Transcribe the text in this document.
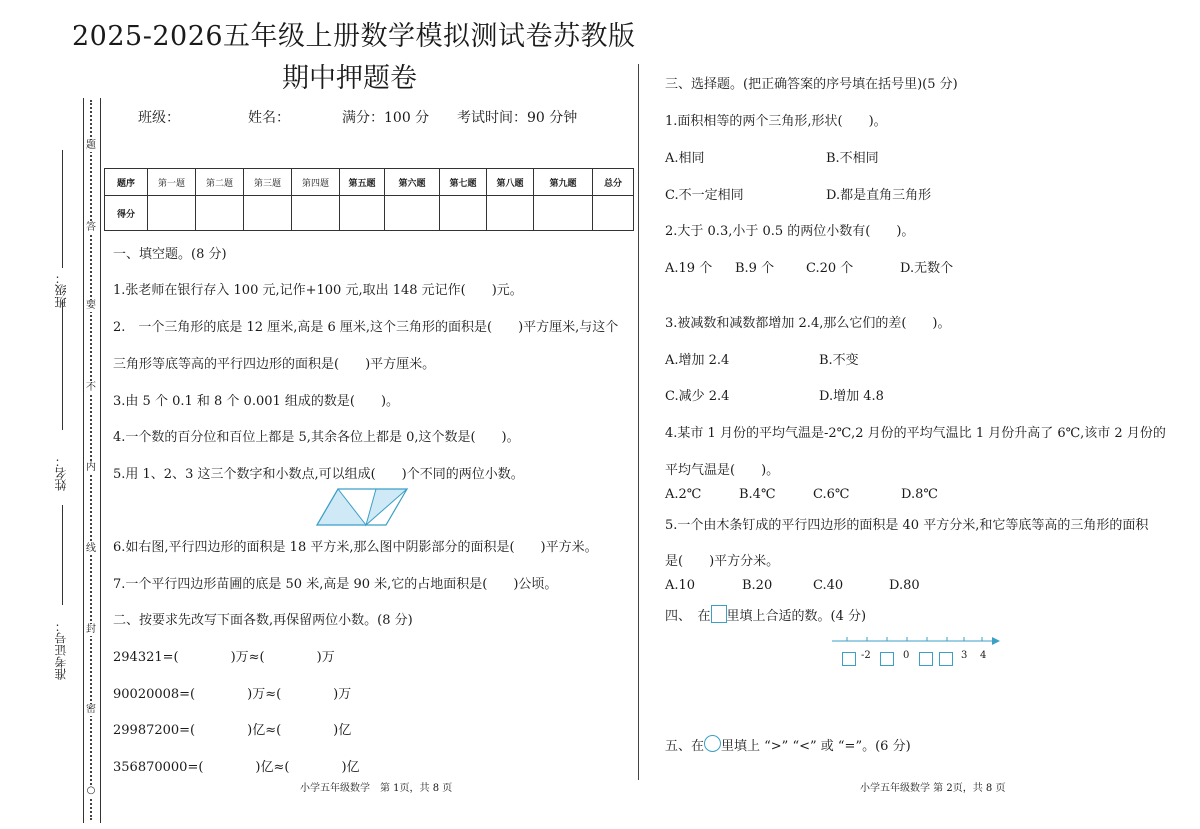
2025-2026五年级上册数学模拟测试卷苏教版
期中押题卷
班级：
姓名：
准考证号：
题
答
要
不
内
线
封
密
○
班级：	姓名：	满分：100 分 考试时间：90 分钟
题序	第一题	第二题	第三题	第四题	第五题	第六题	第七题	第八题	第九题	总分
得分										
一、填空题。(8 分)
1.张老师在银行存入 100 元,记作+100 元,取出 148 元记作(　　)元。
2.　一个三角形的底是 12 厘米,高是 6 厘米,这个三角形的面积是(　　)平方厘米,与这个
三角形等底等高的平行四边形的面积是(　　)平方厘米。
3.由 5 个 0.1 和 8 个 0.001 组成的数是(　　)。
4.一个数的百分位和百位上都是 5,其余各位上都是 0,这个数是(　　)。
5.用 1、2、3 这三个数字和小数点,可以组成(　　)个不同的两位小数。
6.如右图,平行四边形的面积是 18 平方米,那么图中阴影部分的面积是(　　)平方米。
7.一个平行四边形苗圃的底是 50 米,高是 90 米,它的占地面积是(　　)公顷。
二、按要求先改写下面各数,再保留两位小数。(8 分)
294321=(　　　　)万≈(　　　　)万
90020008=(　　　　)万≈(　　　　)万
29987200=(　　　　)亿≈(　　　　)亿
356870000=(　　　　)亿≈(　　　　)亿
小学五年级数学　第 1页，共 8 页
三、选择题。(把正确答案的序号填在括号里)(5 分)
1.面积相等的两个三角形,形状(　　)。
A.相同	B.不相同
C.不一定相同	D.都是直角三角形
2.大于 0.3,小于 0.5 的两位小数有(　　)。
A.19 个 B.9 个 C.20 个	D.无数个
3.被减数和减数都增加 2.4,那么它们的差(　　)。
A.增加 2.4	B.不变
C.减少 2.4	D.增加 4.8
4.某市 1 月份的平均气温是-2℃,2 月份的平均气温比 1 月份升高了 6℃,该市 2 月份的
平均气温是(　　)。
A.2℃	B.4℃	C.6℃	D.8℃
5.一个由木条钉成的平行四边形的面积是 40 平方分米,和它等底等高的三角形的面积
是(　　)平方分米。
A.10	B.20	C.40	D.80
四、　在 里填上合适的数。(4 分)
-2	0	3 4
五、在 里填上 “>” “<” 或 “=”。(6 分)
小学五年级数学 第 2页，共 8 页
